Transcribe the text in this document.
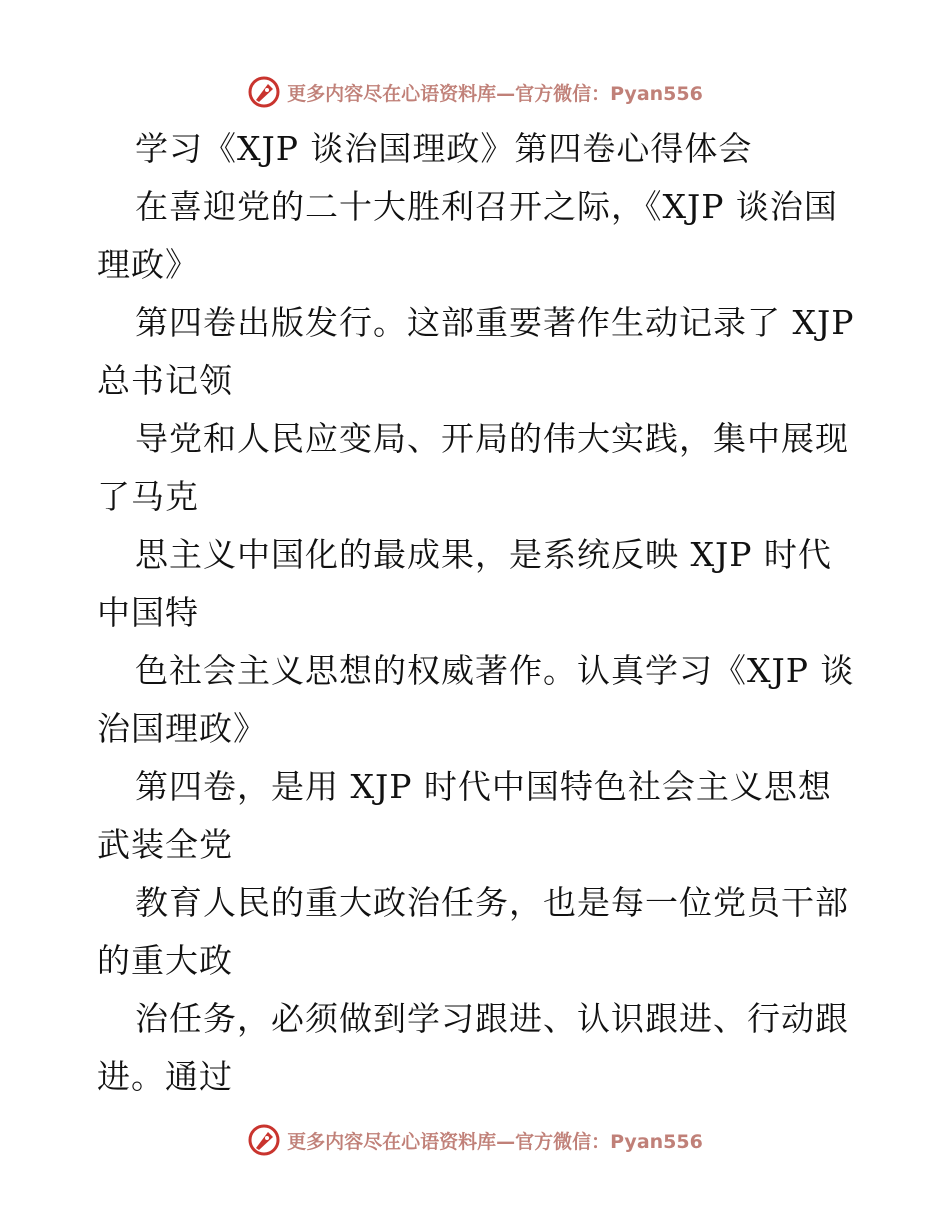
更多内容尽在心语资料库—官方微信：Pyan556
学习《XJP 谈治国理政》第四卷心得体会
在喜迎党的二十大胜利召开之际，《XJP 谈治国
理政》
第四卷出版发行。这部重要著作生动记录了 XJP
总书记领
导党和人民应变局、开局的伟大实践，集中展现
了马克
思主义中国化的最成果，是系统反映 XJP 时代
中国特
色社会主义思想的权威著作。认真学习《XJP 谈
治国理政》
第四卷，是用 XJP 时代中国特色社会主义思想
武装全党
教育人民的重大政治任务，也是每一位党员干部
的重大政
治任务，必须做到学习跟进、认识跟进、行动跟
进。通过
更多内容尽在心语资料库—官方微信：Pyan556
